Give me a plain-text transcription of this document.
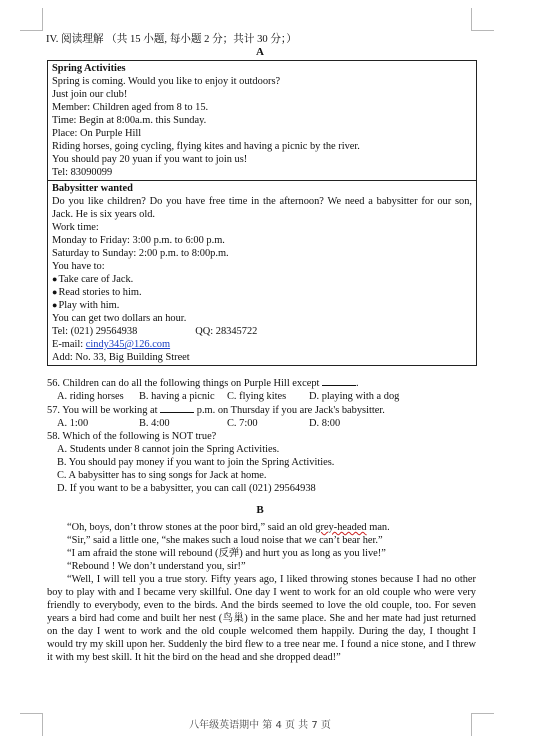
IV. 阅读理解 （共 15 小题, 每小题 2 分；共计 30 分；）
A
Spring Activities
Spring is coming. Would you like to enjoy it outdoors?
Just join our club!
Member: Children aged from 8 to 15.
Time: Begin at 8:00a.m. this Sunday.
Place: On Purple Hill
Riding horses, going cycling, flying kites and having a picnic by the river.
You should pay 20 yuan if you want to join us!
Tel: 83090099
Babysitter wanted
Do you like children? Do you have free time in the afternoon? We need a babysitter for our son, Jack. He is six years old.
Work time:
Monday to Friday: 3:00 p.m. to 6:00 p.m.
Saturday to Sunday: 2:00 p.m. to 8:00p.m.
You have to:
● Take care of Jack.
● Read stories to him.
● Play with him.
You can get two dollars an hour.
Tel: (021) 29564938	QQ: 28345722
E-mail: cindy345@126.com
Add: No. 33, Big Building Street
56. Children can do all the following things on Purple Hill except	.
A. riding horses	B. having a picnic	C. flying kites	D. playing with a dog
57. You will be working at	p.m. on Thursday if you are Jack's babysitter.
A. 1:00	B. 4:00	C. 7:00	D. 8:00
58. Which of the following is NOT true?
A. Students under 8 cannot join the Spring Activities.
B. You should pay money if you want to join the Spring Activities.
C. A babysitter has to sing songs for Jack at home.
D. If you want to be a babysitter, you can call (021) 29564938
B
“Oh, boys, don’t throw stones at the poor bird,” said an old grey-headed man.
“Sir,” said a little one, “she makes such a loud noise that we can’t bear her.”
“I am afraid the stone will rebound (反弹) and hurt you as long as you live!”
“Rebound ! We don’t understand you, sir!”
“Well, I will tell you a true story. Fifty years ago, I liked throwing stones because I had no other boy to play with and I became very skillful. One day I went to work for an old couple who were very friendly to everybody, even to the birds. And the birds seemed to love the old couple, too. For seven years a bird had come and built her nest (鸟巢) in the same place. She and her mate had just returned on the day I went to work and the old couple welcomed them happily. During the day, I thought I would try my skill upon her. Suddenly the bird flew to a tree near me. I found a nice stone, and I threw it with my best skill. It hit the bird on the head and she dropped dead!”
八年级英语期中 第 4 页 共 7 页
